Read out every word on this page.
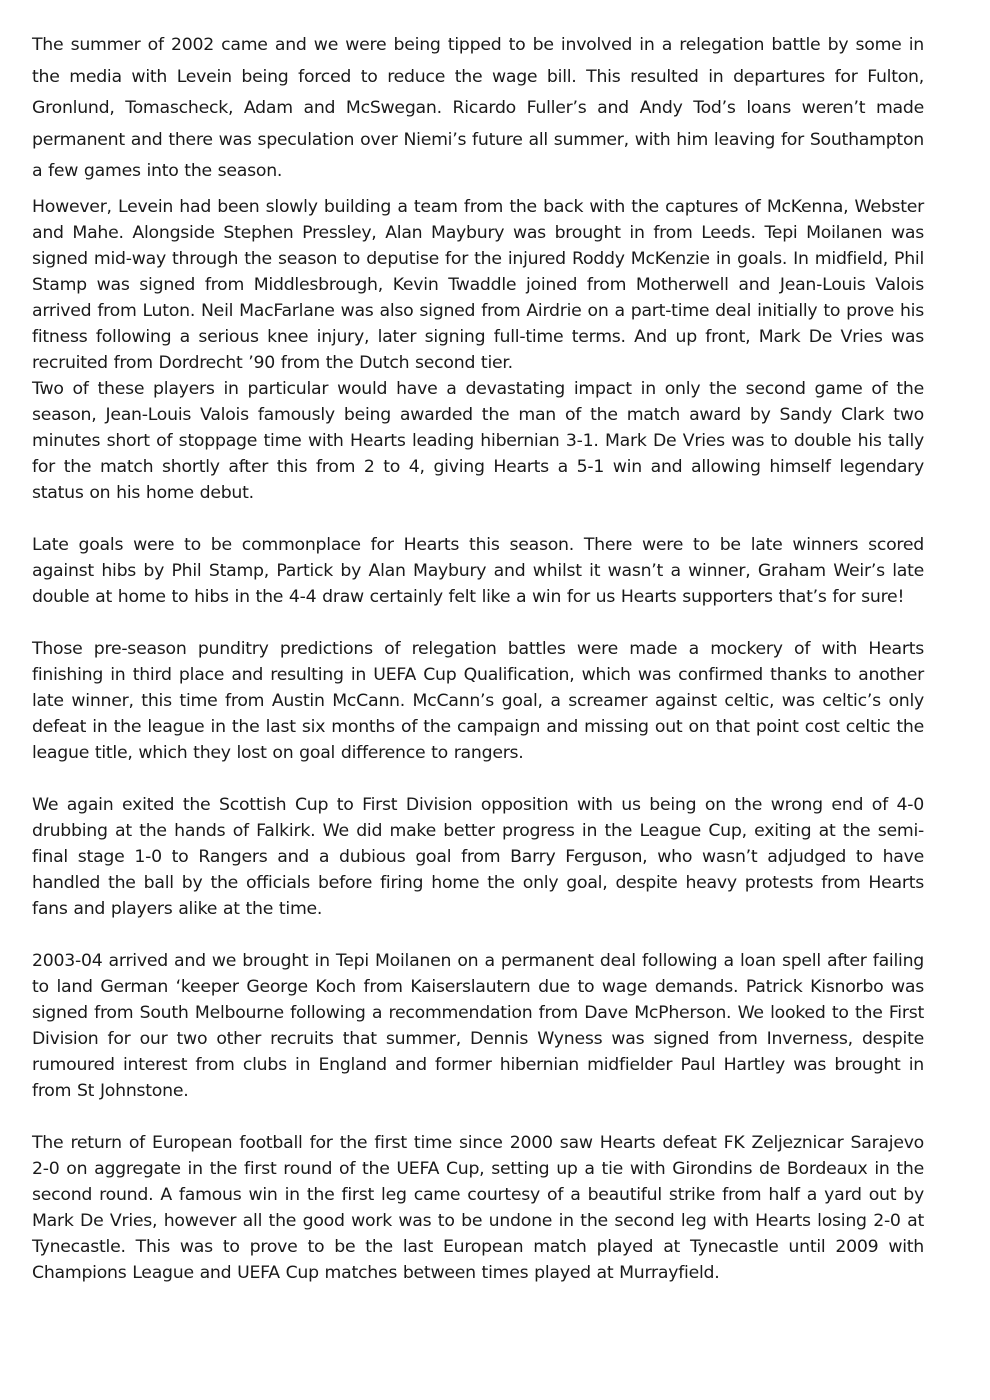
The summer of 2002 came and we were being tipped to be involved in a relegation battle by some in the media with Levein being forced to reduce the wage bill. This resulted in departures for Fulton, Gronlund, Tomascheck, Adam and McSwegan. Ricardo Fuller’s and Andy Tod’s loans weren’t made permanent and there was speculation over Niemi’s future all summer, with him leaving for Southampton a few games into the season.

However, Levein had been slowly building a team from the back with the captures of McKenna, Webster and Mahe. Alongside Stephen Pressley, Alan Maybury was brought in from Leeds. Tepi Moilanen was signed mid-way through the season to deputise for the injured Roddy McKenzie in goals. In midfield, Phil Stamp was signed from Middlesbrough, Kevin Twaddle joined from Motherwell and Jean-Louis Valois arrived from Luton. Neil MacFarlane was also signed from Airdrie on a part-time deal initially to prove his fitness following a serious knee injury, later signing full-time terms. And up front, Mark De Vries was recruited from Dordrecht ’90 from the Dutch second tier.

Two of these players in particular would have a devastating impact in only the second game of the season, Jean-Louis Valois famously being awarded the man of the match award by Sandy Clark two minutes short of stoppage time with Hearts leading hibernian 3-1. Mark De Vries was to double his tally for the match shortly after this from 2 to 4, giving Hearts a 5-1 win and allowing himself legendary status on his home debut.

Late goals were to be commonplace for Hearts this season. There were to be late winners scored against hibs by Phil Stamp, Partick by Alan Maybury and whilst it wasn’t a winner, Graham Weir’s late double at home to hibs in the 4-4 draw certainly felt like a win for us Hearts supporters that’s for sure!

Those pre-season punditry predictions of relegation battles were made a mockery of with Hearts finishing in third place and resulting in UEFA Cup Qualification, which was confirmed thanks to another late winner, this time from Austin McCann. McCann’s goal, a screamer against celtic, was celtic’s only defeat in the league in the last six months of the campaign and missing out on that point cost celtic the league title, which they lost on goal difference to rangers.

We again exited the Scottish Cup to First Division opposition with us being on the wrong end of 4-0 drubbing at the hands of Falkirk. We did make better progress in the League Cup, exiting at the semi-final stage 1-0 to Rangers and a dubious goal from Barry Ferguson, who wasn’t adjudged to have handled the ball by the officials before firing home the only goal, despite heavy protests from Hearts fans and players alike at the time.

2003-04 arrived and we brought in Tepi Moilanen on a permanent deal following a loan spell after failing to land German ‘keeper George Koch from Kaiserslautern due to wage demands. Patrick Kisnorbo was signed from South Melbourne following a recommendation from Dave McPherson. We looked to the First Division for our two other recruits that summer, Dennis Wyness was signed from Inverness, despite rumoured interest from clubs in England and former hibernian midfielder Paul Hartley was brought in from St Johnstone.

The return of European football for the first time since 2000 saw Hearts defeat FK Zeljeznicar Sarajevo 2-0 on aggregate in the first round of the UEFA Cup, setting up a tie with Girondins de Bordeaux in the second round. A famous win in the first leg came courtesy of a beautiful strike from half a yard out by Mark De Vries, however all the good work was to be undone in the second leg with Hearts losing 2-0 at Tynecastle. This was to prove to be the last European match played at Tynecastle until 2009 with Champions League and UEFA Cup matches between times played at Murrayfield.
